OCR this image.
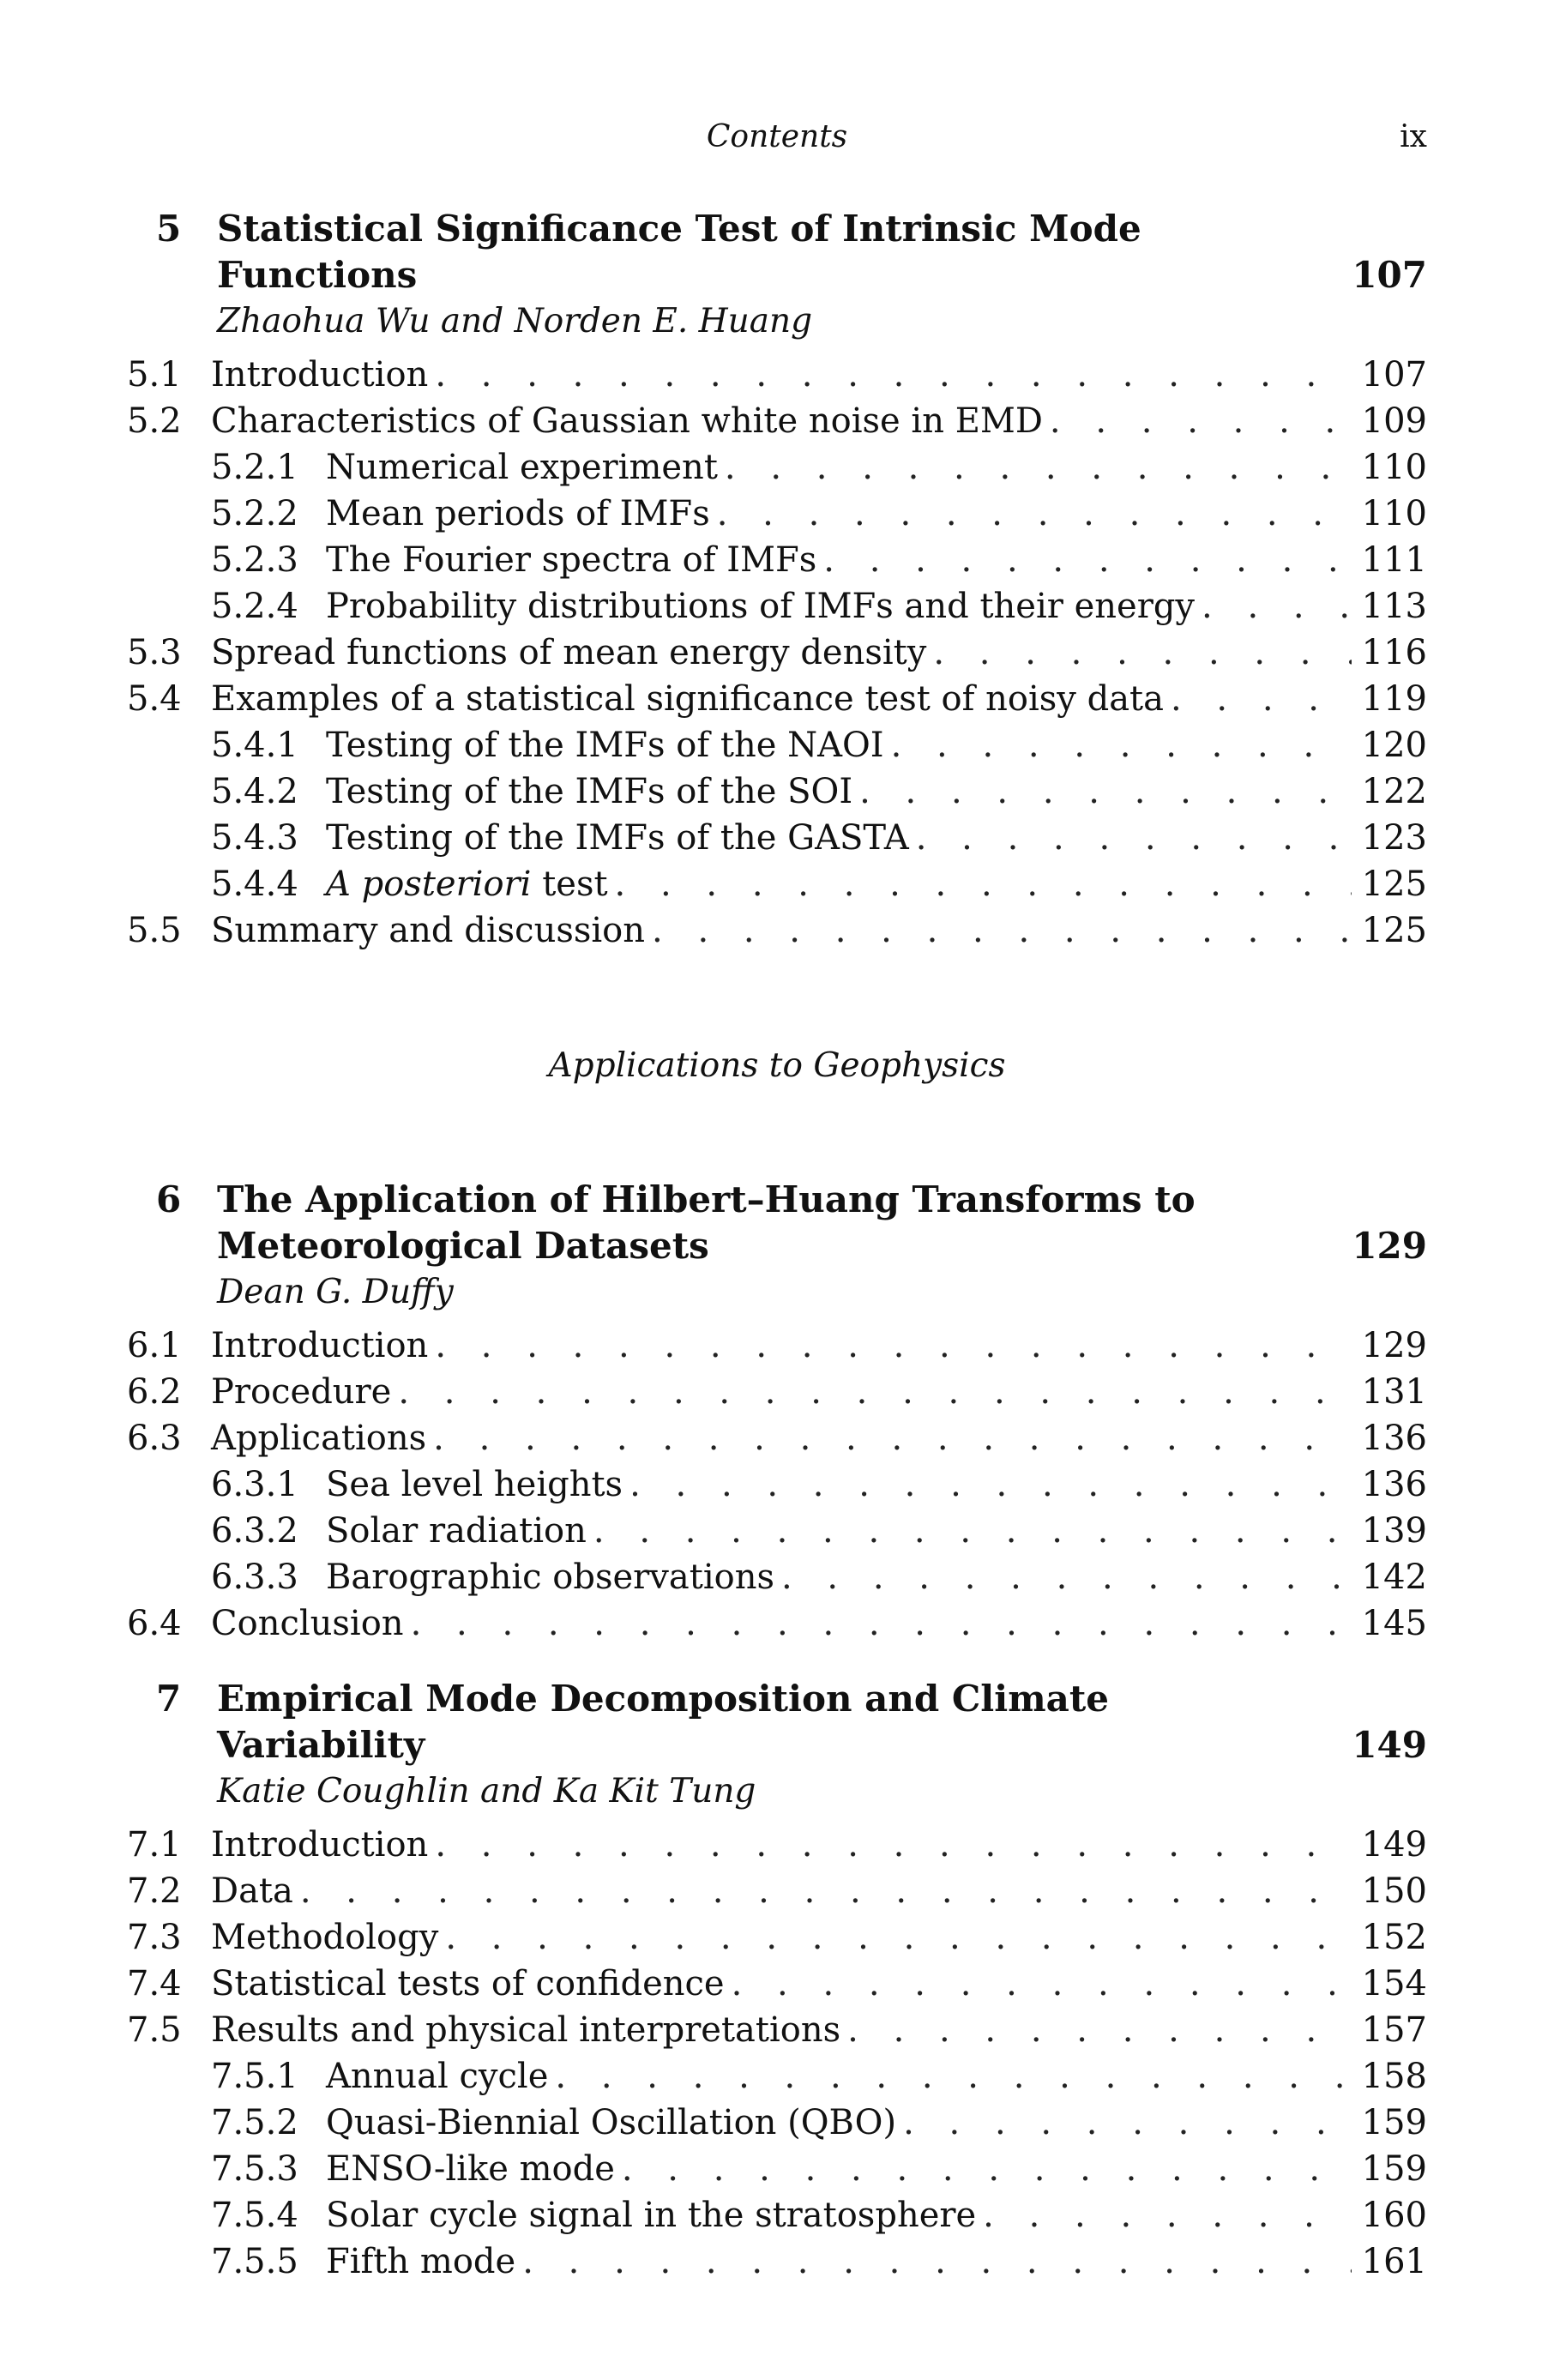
Contents	ix
5 Statistical Significance Test of Intrinsic Mode Functions	107
Zhaohua Wu and Norden E. Huang
5.1 Introduction . . .	107
5.2 Characteristics of Gaussian white noise in EMD . . .	109
5.2.1 Numerical experiment . . .	110
5.2.2 Mean periods of IMFs . . .	110
5.2.3 The Fourier spectra of IMFs . . .	111
5.2.4 Probability distributions of IMFs and their energy . . .	113
5.3 Spread functions of mean energy density . . .	116
5.4 Examples of a statistical significance test of noisy data . . .	119
5.4.1 Testing of the IMFs of the NAOI . . .	120
5.4.2 Testing of the IMFs of the SOI . . .	122
5.4.3 Testing of the IMFs of the GASTA . . .	123
5.4.4 A posteriori test . . .	125
5.5 Summary and discussion . . .	125
Applications to Geophysics
6 The Application of Hilbert–Huang Transforms to
Meteorological Datasets	129
Dean G. Duffy
6.1 Introduction . . .	129
6.2 Procedure . . .	131
6.3 Applications . . .	136
6.3.1 Sea level heights . . .	136
6.3.2 Solar radiation . . .	139
6.3.3 Barographic observations . . .	142
6.4 Conclusion . . .	145
7 Empirical Mode Decomposition and Climate Variability	149
Katie Coughlin and Ka Kit Tung
7.1 Introduction . . .	149
7.2 Data . . .	150
7.3 Methodology . . .	152
7.4 Statistical tests of confidence . . .	154
7.5 Results and physical interpretations . . .	157
7.5.1 Annual cycle . . .	158
7.5.2 Quasi-Biennial Oscillation (QBO) . . .	159
7.5.3 ENSO-like mode . . .	159
7.5.4 Solar cycle signal in the stratosphere . . .	160
7.5.5 Fifth mode . . .	161
